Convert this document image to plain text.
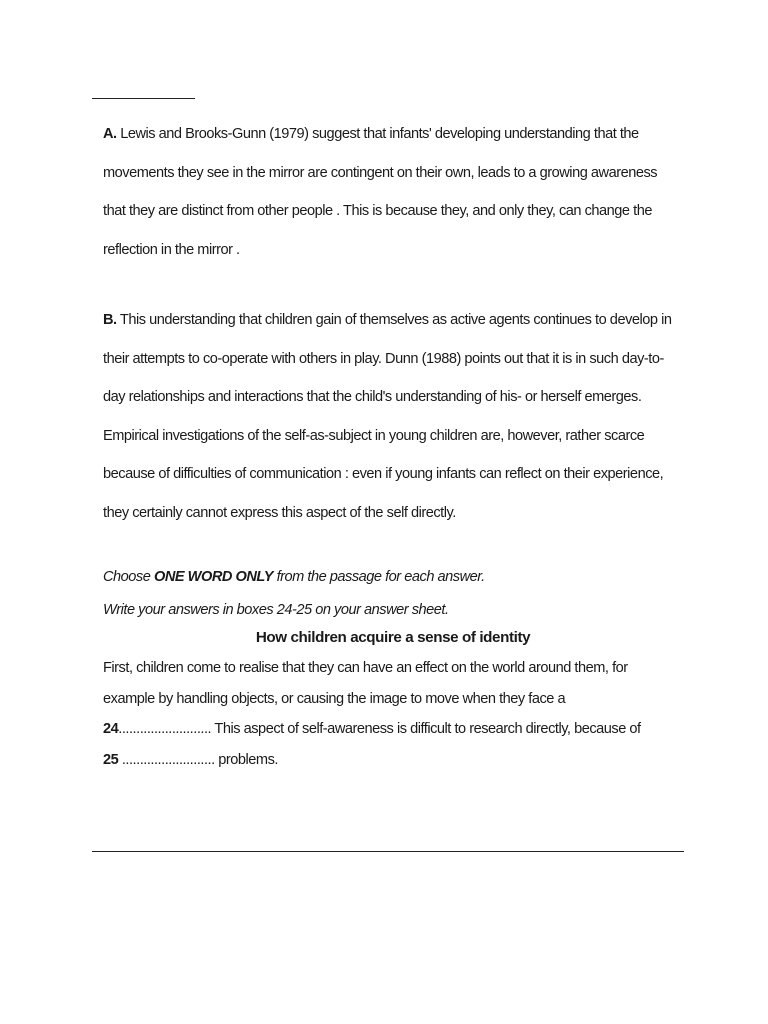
A. Lewis and Brooks-Gunn (1979) suggest that infants' developing understanding that the movements they see in the mirror are contingent on their own, leads to a growing awareness that they are distinct from other people . This is because they, and only they, can change the reflection in the mirror .

B. This understanding that children gain of themselves as active agents continues to develop in their attempts to co-operate with others in play. Dunn (1988) points out that it is in such day-to-day relationships and interactions that the child's understanding of his- or herself emerges. Empirical investigations of the self-as-subject in young children are, however, rather scarce because of difficulties of communication : even if young infants can reflect on their experience, they certainly cannot express this aspect of the self directly.

Choose ONE WORD ONLY from the passage for each answer.
Write your answers in boxes 24-25 on your answer sheet.
How children acquire a sense of identity
First, children come to realise that they can have an effect on the world around them, for example by handling objects, or causing the image to move when they face a
24.......................... This aspect of self-awareness is difficult to research directly, because of
25 .......................... problems.
